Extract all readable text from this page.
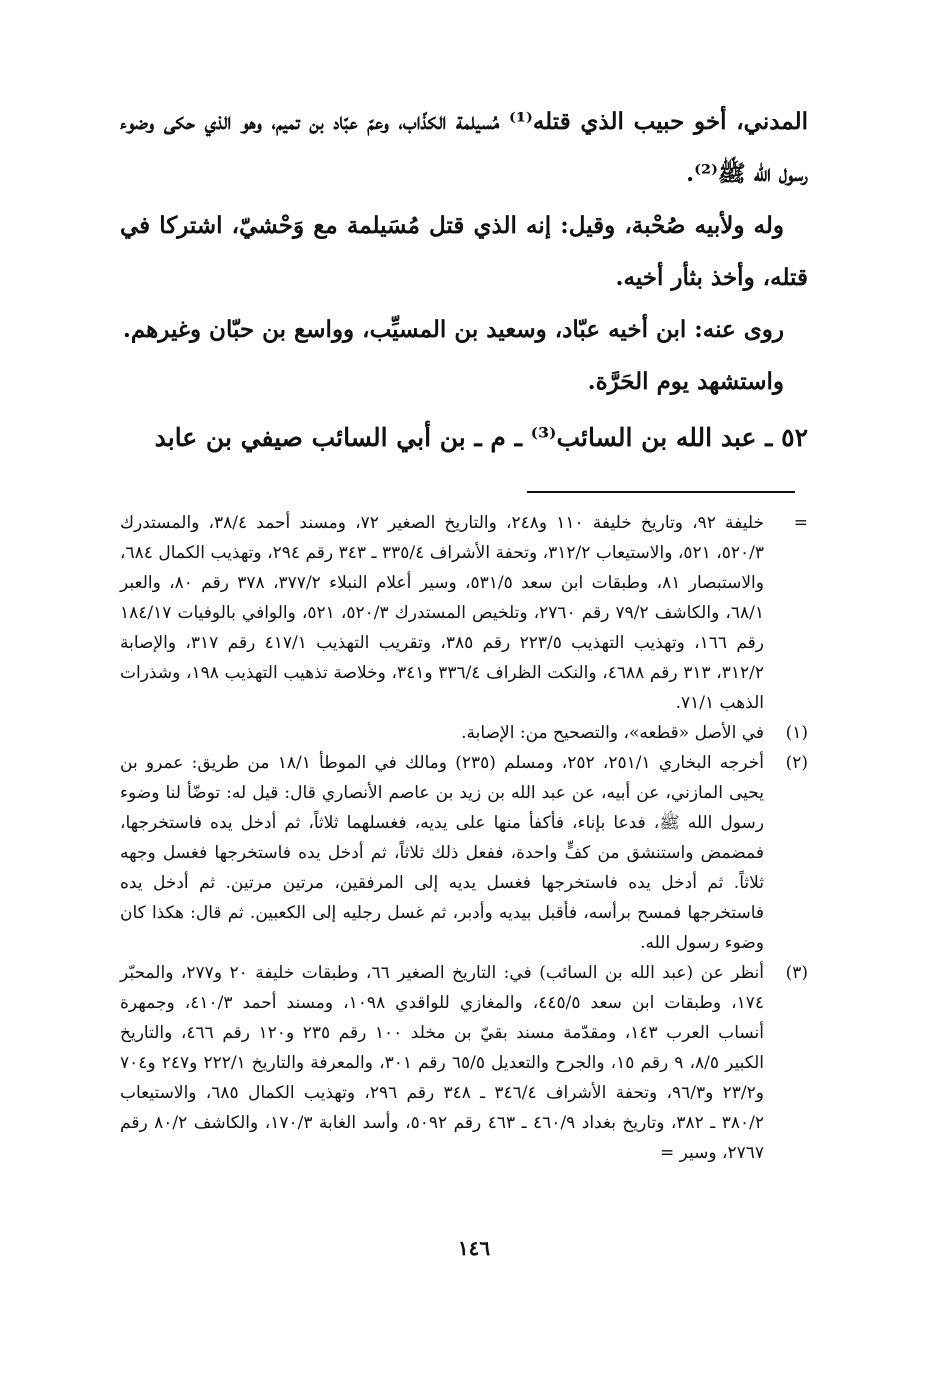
المدني، أخو حبيب الذي قتله⁽¹⁾ مُسيلمة الكذّاب، وعمّ عبّاد بن تميم، وهو الذي حكى وضوء رسول الله ﷺ⁽²⁾.

وله ولأبيه صُحْبة، وقيل: إنه الذي قتل مُسَيلمة مع وَحْشيّ، اشتركا في قتله، وأخذ بثأر أخيه.

روى عنه: ابن أخيه عبّاد، وسعيد بن المسيِّب، وواسع بن حبّان وغيرهم.

واستشهد يوم الحَرَّة.

٥٢ ـ عبد الله بن السائب⁽³⁾ ـ م ـ بن أبي السائب صيفي بن عابد

=
خليفة ٩٢، وتاريخ خليفة ١١٠ و٢٤٨، والتاريخ الصغير ٧٢، ومسند أحمد ٣٨/٤، والمستدرك ٥٢٠/٣، ٥٢١، والاستيعاب ٣١٢/٢، وتحفة الأشراف ٣٣٥/٤ ـ ٣٤٣ رقم ٢٩٤، وتهذيب الكمال ٦٨٤، والاستبصار ٨١، وطبقات ابن سعد ٥٣١/٥، وسير أعلام النبلاء ٣٧٧/٢، ٣٧٨ رقم ٨٠، والعبر ٦٨/١، والكاشف ٧٩/٢ رقم ٢٧٦٠، وتلخيص المستدرك ٥٢٠/٣، ٥٢١، والوافي بالوفيات ١٨٤/١٧ رقم ١٦٦، وتهذيب التهذيب ٢٢٣/٥ رقم ٣٨٥، وتقريب التهذيب ٤١٧/١ رقم ٣١٧، والإصابة ٣١٢/٢، ٣١٣ رقم ٤٦٨٨، والنكت الظراف ٣٣٦/٤ و٣٤١، وخلاصة تذهيب التهذيب ١٩٨، وشذرات الذهب ٧١/١.

(١)
في الأصل «قطعه»، والتصحيح من: الإصابة.

(٢)
أخرجه البخاري ٢٥١/١، ٢٥٢، ومسلم (٢٣٥) ومالك في الموطأ ١٨/١ من طريق: عمرو بن يحيى المازني، عن أبيه، عن عبد الله بن زيد بن عاصم الأنصاري قال: قيل له: توضّأ لنا وضوء رسول الله ﷺ، فدعا بإناء، فأكفأ منها على يديه، فغسلهما ثلاثاً، ثم أدخل يده فاستخرجها، فمضمض واستنشق من كفٍّ واحدة، ففعل ذلك ثلاثاً، ثم أدخل يده فاستخرجها فغسل وجهه ثلاثاً. ثم أدخل يده فاستخرجها فغسل يديه إلى المرفقين، مرتين مرتين. ثم أدخل يده فاستخرجها فمسح برأسه، فأقبل بيديه وأدبر، ثم غسل رجليه إلى الكعبين. ثم قال: هكذا كان وضوء رسول الله.

(٣)
أنظر عن (عبد الله بن السائب) في: التاريخ الصغير ٦٦، وطبقات خليفة ٢٠ و٢٧٧، والمحبّر ١٧٤، وطبقات ابن سعد ٤٤٥/٥، والمغازي للواقدي ١٠٩٨، ومسند أحمد ٤١٠/٣، وجمهرة أنساب العرب ١٤٣، ومقدّمة مسند بقيّ بن مخلد ١٠٠ رقم ٢٣٥ و١٢٠ رقم ٤٦٦، والتاريخ الكبير ٨/٥، ٩ رقم ١٥، والجرح والتعديل ٦٥/٥ رقم ٣٠١، والمعرفة والتاريخ ٢٢٢/١ و٢٤٧ و٧٠٤ و٢٣/٢ و٩٦/٣، وتحفة الأشراف ٣٤٦/٤ ـ ٣٤٨ رقم ٢٩٦، وتهذيب الكمال ٦٨٥، والاستيعاب ٣٨٠/٢ ـ ٣٨٢، وتاريخ بغداد ٤٦٠/٩ ـ ٤٦٣ رقم ٥٠٩٢، وأسد الغابة ١٧٠/٣، والكاشف ٨٠/٢ رقم ٢٧٦٧، وسير =

١٤٦
